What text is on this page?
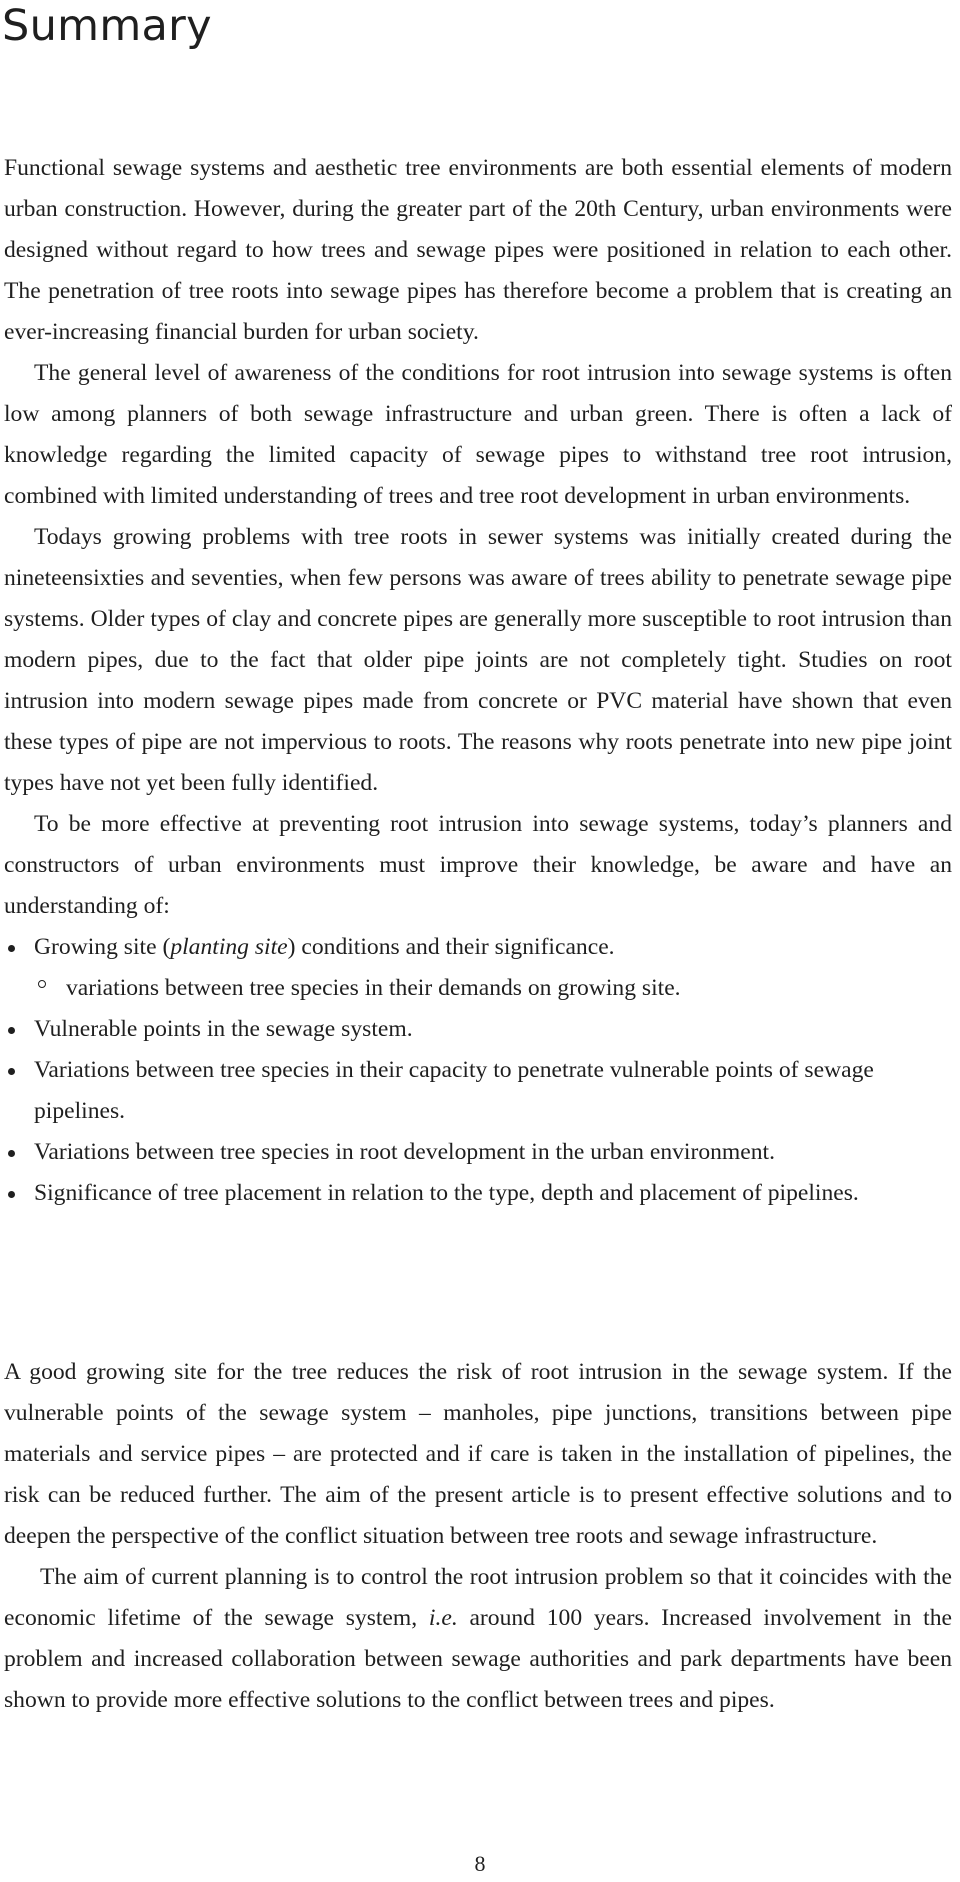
Summary

Functional sewage systems and aesthetic tree environments are both essential elements of modern urban construction. However, during the greater part of the 20th Century, urban environments were designed without regard to how trees and sewage pipes were positioned in relation to each other. The penetration of tree roots into sewage pipes has therefore become a problem that is creating an ever-increasing financial burden for urban society.

The general level of awareness of the conditions for root intrusion into sewage systems is often low among planners of both sewage infrastructure and urban green. There is often a lack of knowledge regarding the limited capacity of sewage pipes to withstand tree root intrusion, combined with limited understanding of trees and tree root development in urban environments.

Todays growing problems with tree roots in sewer systems was initially created during the nineteensixties and seventies, when few persons was aware of trees ability to penetrate sewage pipe systems. Older types of clay and concrete pipes are generally more susceptible to root intrusion than modern pipes, due to the fact that older pipe joints are not completely tight. Studies on root intrusion into modern sewage pipes made from concrete or PVC material have shown that even these types of pipe are not impervious to roots. The reasons why roots penetrate into new pipe joint types have not yet been fully identified.

To be more effective at preventing root intrusion into sewage systems, today’s planners and constructors of urban environments must improve their knowledge, be aware and have an understanding of:

Growing site (planting site) conditions and their significance.
variations between tree species in their demands on growing site.
Vulnerable points in the sewage system.
Variations between tree species in their capacity to penetrate vulnerable points of sewage pipelines.
Variations between tree species in root development in the urban environment.
Significance of tree placement in relation to the type, depth and placement of pipelines.

A good growing site for the tree reduces the risk of root intrusion in the sewage system. If the vulnerable points of the sewage system – manholes, pipe junctions, transitions between pipe materials and service pipes – are protected and if care is taken in the installation of pipelines, the risk can be reduced further. The aim of the present article is to present effective solutions and to deepen the perspective of the conflict situation between tree roots and sewage infrastructure.

The aim of current planning is to control the root intrusion problem so that it coincides with the economic lifetime of the sewage system, i.e. around 100 years. Increased involvement in the problem and increased collaboration between sewage authorities and park departments have been shown to provide more effective solutions to the conflict between trees and pipes.

8
